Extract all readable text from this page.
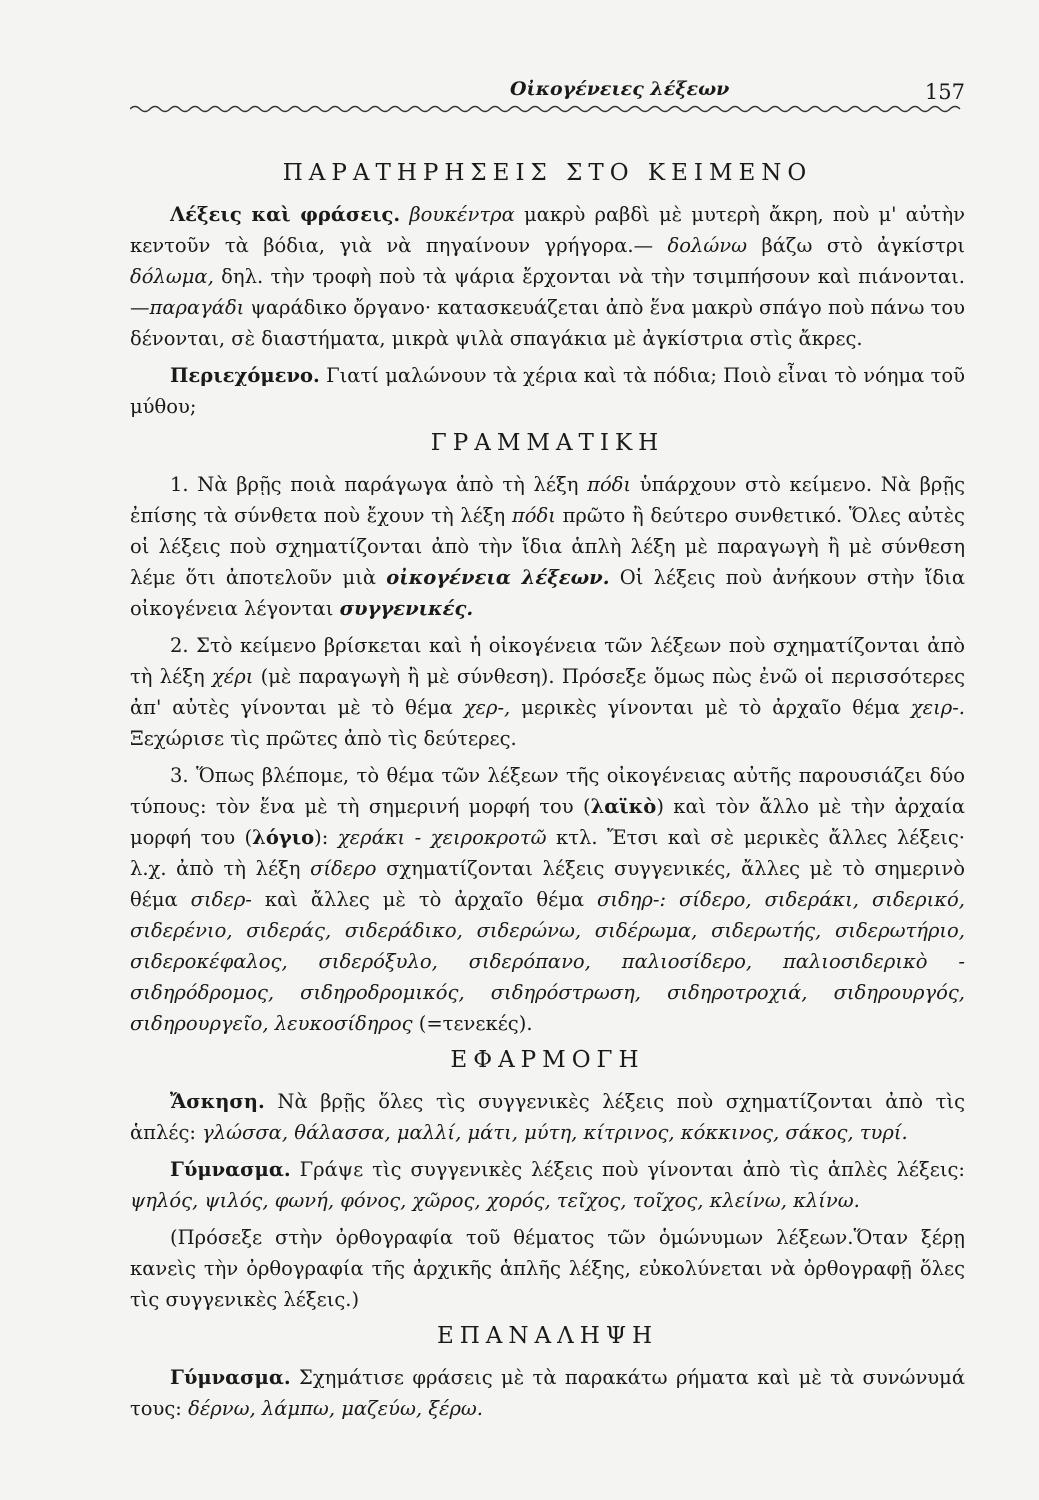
Οἰκογένειες λέξεων	157
ΠΑΡΑΤΗΡΗΣΕΙΣ ΣΤΟ ΚΕΙΜΕΝΟ

Λέξεις καὶ φράσεις. βουκέντρα μακρὺ ραβδὶ μὲ μυτερὴ ἄκρη, ποὺ μ' αὐτὴν κεντοῦν τὰ βόδια, γιὰ νὰ πηγαίνουν γρήγορα.— δολώνω βάζω στὸ ἀγκίστρι δόλωμα, δηλ. τὴν τροφὴ ποὺ τὰ ψάρια ἔρχονται νὰ τὴν τσιμπήσουν καὶ πιάνονται.—παραγάδι ψαράδικο ὄργανο· κατασκευάζεται ἀπὸ ἕνα μακρὺ σπάγο ποὺ πάνω του δένονται, σὲ διαστήματα, μικρὰ ψιλὰ σπαγάκια μὲ ἀγκίστρια στὶς ἄκρες.

Περιεχόμενο. Γιατί μαλώνουν τὰ χέρια καὶ τὰ πόδια; Ποιὸ εἶναι τὸ νόημα τοῦ μύθου;

ΓΡΑΜΜΑΤΙΚΗ

1. Νὰ βρῇς ποιὰ παράγωγα ἀπὸ τὴ λέξη πόδι ὑπάρχουν στὸ κείμενο. Νὰ βρῇς ἐπίσης τὰ σύνθετα ποὺ ἔχουν τὴ λέξη πόδι πρῶτο ἢ δεύτερο συνθετικό. Ὅλες αὐτὲς οἱ λέξεις ποὺ σχηματίζονται ἀπὸ τὴν ἴδια ἁπλὴ λέξη μὲ παραγωγὴ ἢ μὲ σύνθεση λέμε ὅτι ἀποτελοῦν μιὰ οἰκογένεια λέξεων. Οἱ λέξεις ποὺ ἀνήκουν στὴν ἴδια οἰκογένεια λέγονται συγγενικές.

2. Στὸ κείμενο βρίσκεται καὶ ἡ οἰκογένεια τῶν λέξεων ποὺ σχηματίζονται ἀπὸ τὴ λέξη χέρι (μὲ παραγωγὴ ἢ μὲ σύνθεση). Πρόσεξε ὅμως πὼς ἐνῶ οἱ περισσότερες ἀπ' αὐτὲς γίνονται μὲ τὸ θέμα χερ-, μερικὲς γίνονται μὲ τὸ ἀρχαῖο θέμα χειρ-. Ξεχώρισε τὶς πρῶτες ἀπὸ τὶς δεύτερες.

3. Ὅπως βλέπομε, τὸ θέμα τῶν λέξεων τῆς οἰκογένειας αὐτῆς παρουσιάζει δύο τύπους: τὸν ἕνα μὲ τὴ σημερινή μορφή του (λαϊκὸ) καὶ τὸν ἄλλο μὲ τὴν ἀρχαία μορφή του (λόγιο): χεράκι - χειροκροτῶ κτλ. Ἔτσι καὶ σὲ μερικὲς ἄλλες λέξεις· λ.χ. ἀπὸ τὴ λέξη σίδερο σχηματίζονται λέξεις συγγενικές, ἄλλες μὲ τὸ σημερινὸ θέμα σιδερ- καὶ ἄλλες μὲ τὸ ἀρχαῖο θέμα σιδηρ-: σίδερο, σιδεράκι, σιδερικό, σιδερένιο, σιδεράς, σιδεράδικο, σιδερώνω, σιδέρωμα, σιδερωτής, σιδερωτήριο, σιδεροκέφαλος, σιδερόξυλο, σιδερόπανο, παλιοσίδερο, παλιοσιδερικὸ - σιδηρόδρομος, σιδηροδρομικός, σιδηρόστρωση, σιδηροτροχιά, σιδηρουργός, σιδηρουργεῖο, λευκοσίδηρος (=τενεκές).

ΕΦΑΡΜΟΓΗ

Ἄσκηση. Νὰ βρῇς ὅλες τὶς συγγενικὲς λέξεις ποὺ σχηματίζονται ἀπὸ τὶς ἁπλές: γλώσσα, θάλασσα, μαλλί, μάτι, μύτη, κίτρινος, κόκκινος, σάκος, τυρί.

Γύμνασμα. Γράψε τὶς συγγενικὲς λέξεις ποὺ γίνονται ἀπὸ τὶς ἁπλὲς λέξεις: ψηλός, ψιλός, φωνή, φόνος, χῶρος, χορός, τεῖχος, τοῖχος, κλείνω, κλίνω.

(Πρόσεξε στὴν ὀρθογραφία τοῦ θέματος τῶν ὁμώνυμων λέξεων.Ὅταν ξέρῃ κανεὶς τὴν ὀρθογραφία τῆς ἀρχικῆς ἁπλῆς λέξης, εὐκολύνεται νὰ ὀρθογραφῇ ὅλες τὶς συγγενικὲς λέξεις.)

ΕΠΑΝΑΛΗΨΗ

Γύμνασμα. Σχημάτισε φράσεις μὲ τὰ παρακάτω ρήματα καὶ μὲ τὰ συνώνυμά τους: δέρνω, λάμπω, μαζεύω, ξέρω.
